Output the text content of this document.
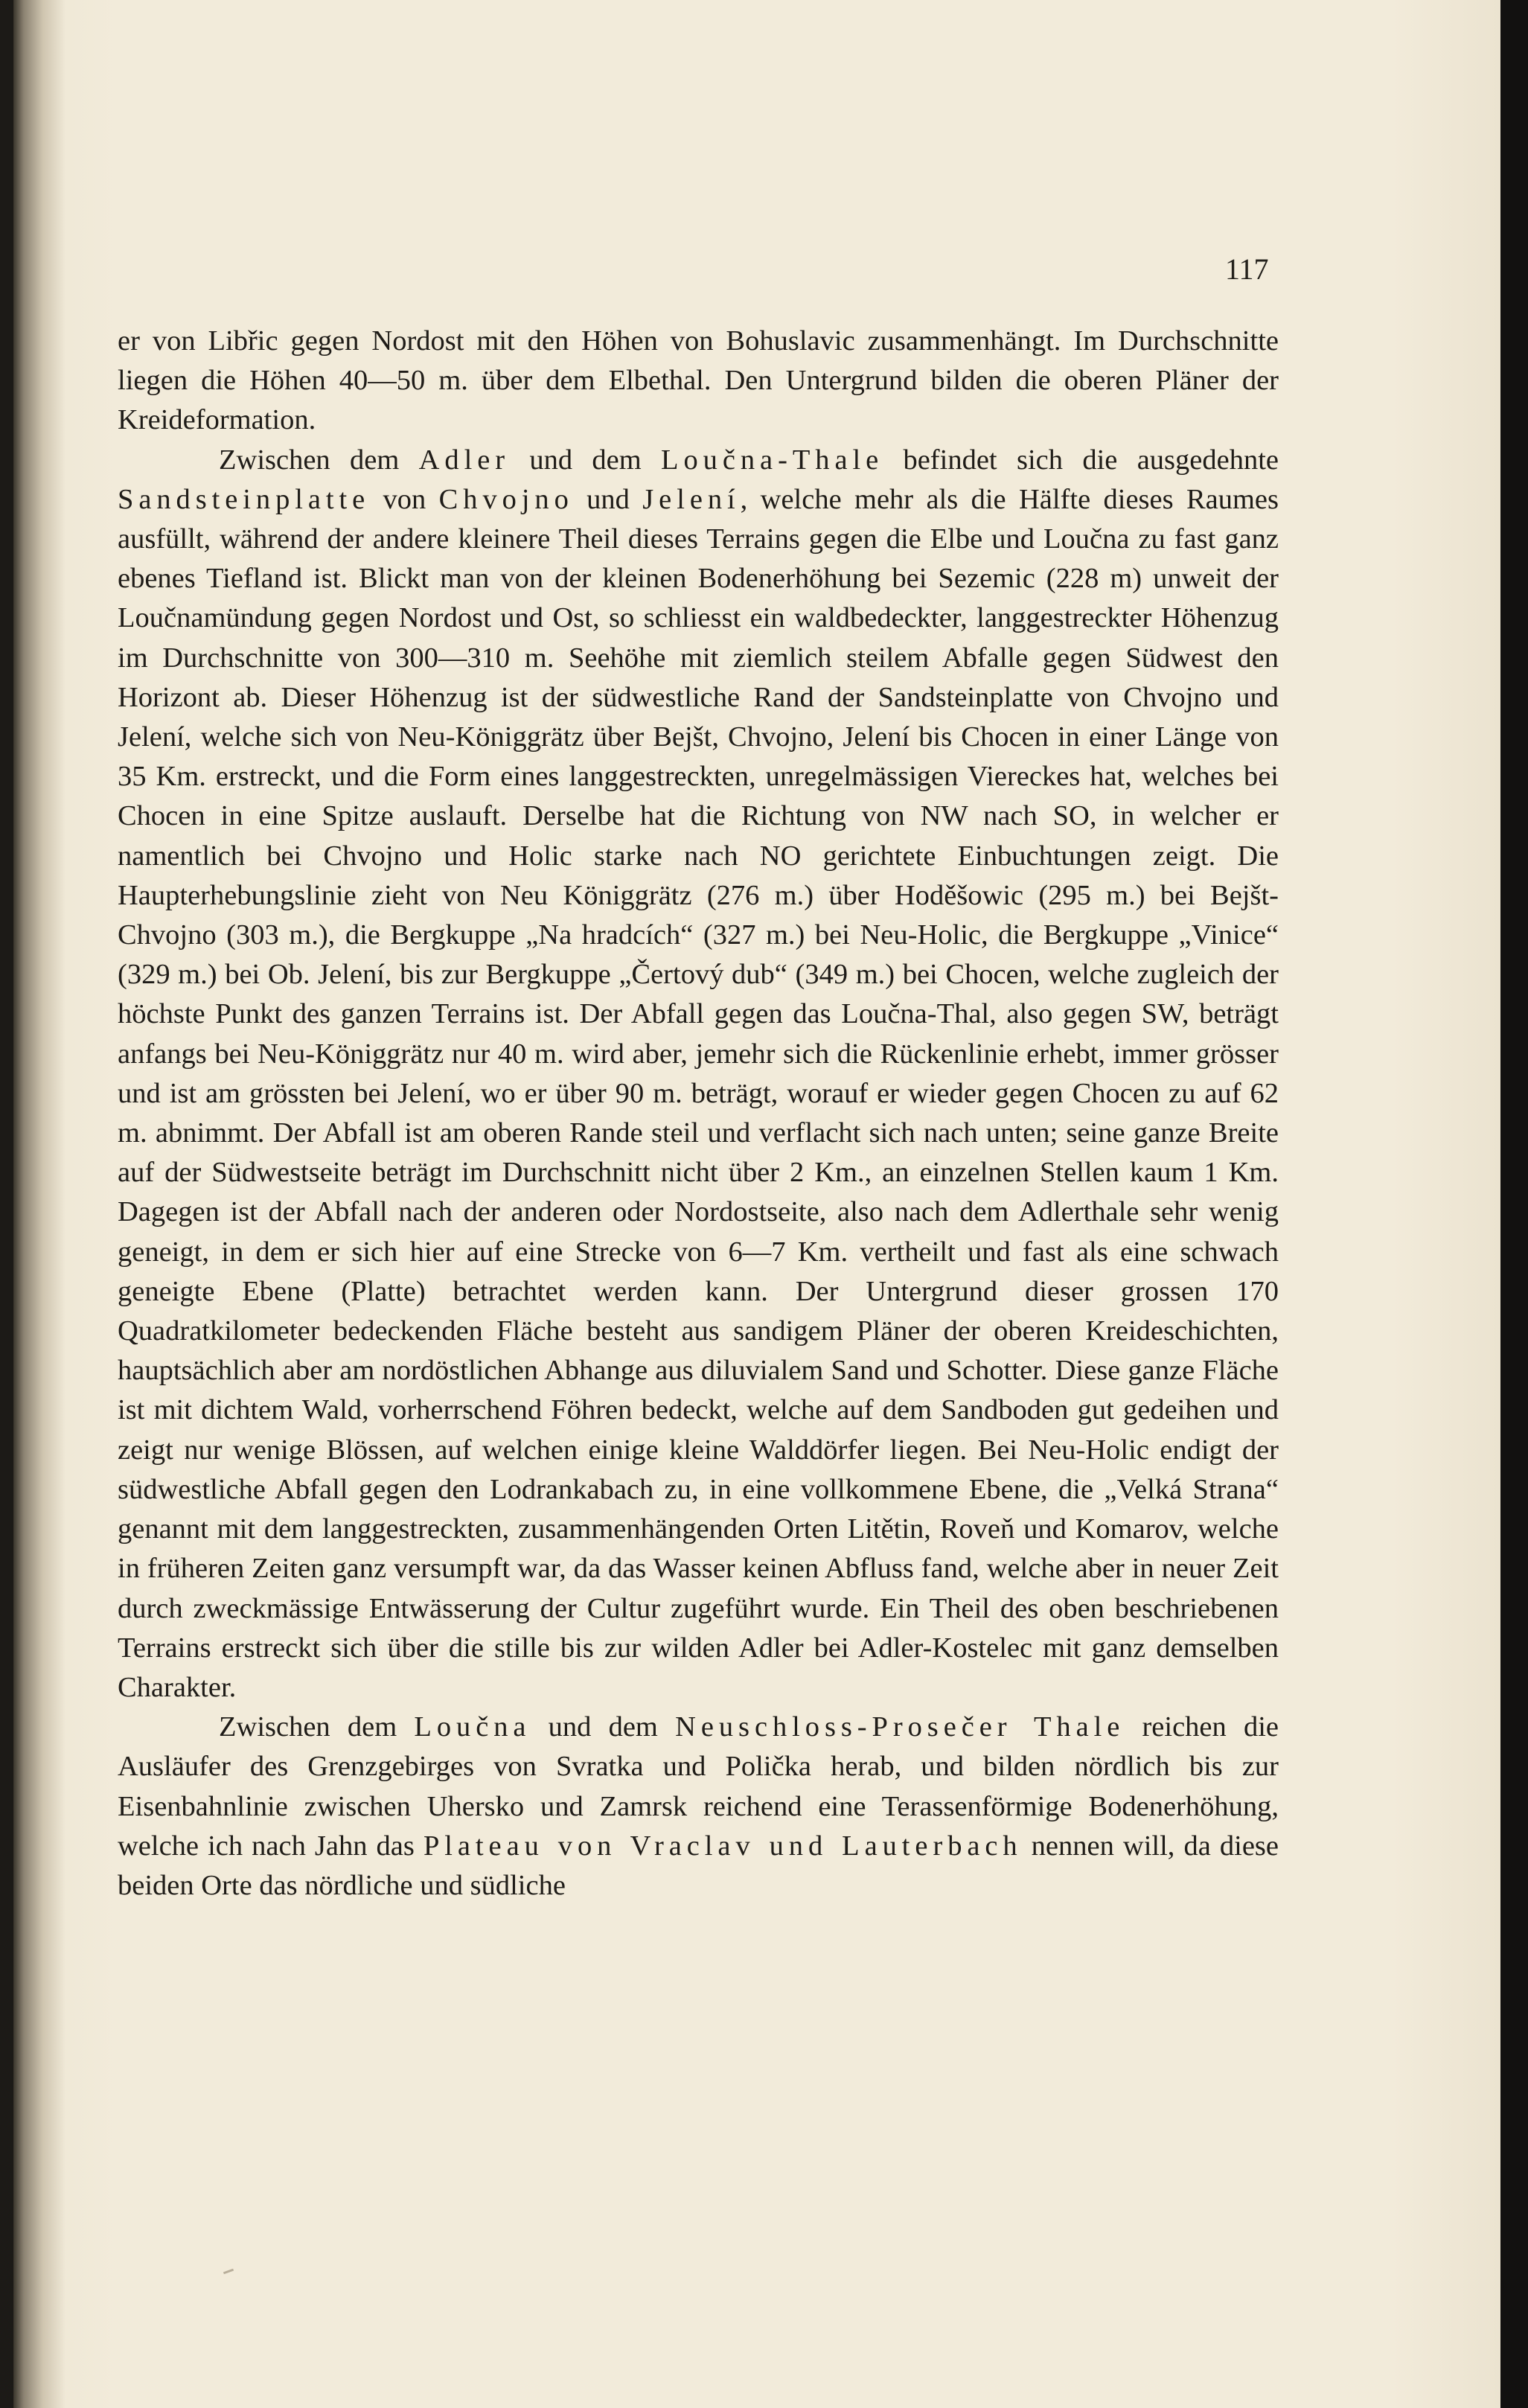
117

er von Libřic gegen Nordost mit den Höhen von Bohuslavic zusammenhängt. Im Durchschnitte liegen die Höhen 40—50 m. über dem Elbethal. Den Untergrund bilden die oberen Pläner der Kreideformation.

Zwischen dem Adler und dem Loučna-Thale befindet sich die ausgedehnte Sandsteinplatte von Chvojno und Jelení, welche mehr als die Hälfte dieses Raumes ausfüllt, während der andere kleinere Theil dieses Terrains gegen die Elbe und Loučna zu fast ganz ebenes Tiefland ist. Blickt man von der kleinen Bodenerhöhung bei Sezemic (228 m) unweit der Loučnamündung gegen Nordost und Ost, so schliesst ein waldbedeckter, langgestreckter Höhenzug im Durchschnitte von 300—310 m. Seehöhe mit ziemlich steilem Abfalle gegen Südwest den Horizont ab. Dieser Höhenzug ist der südwestliche Rand der Sandsteinplatte von Chvojno und Jelení, welche sich von Neu-Königgrätz über Bejšt, Chvojno, Jelení bis Chocen in einer Länge von 35 Km. erstreckt, und die Form eines langgestreckten, unregelmässigen Viereckes hat, welches bei Chocen in eine Spitze auslauft. Derselbe hat die Richtung von NW nach SO, in welcher er namentlich bei Chvojno und Holic starke nach NO gerichtete Einbuchtungen zeigt. Die Haupterhebungslinie zieht von Neu Königgrätz (276 m.) über Hoděšowic (295 m.) bei Bejšt-Chvojno (303 m.), die Bergkuppe „Na hradcích“ (327 m.) bei Neu-Holic, die Bergkuppe „Vinice“ (329 m.) bei Ob. Jelení, bis zur Bergkuppe „Čertový dub“ (349 m.) bei Chocen, welche zugleich der höchste Punkt des ganzen Terrains ist. Der Abfall gegen das Loučna-Thal, also gegen SW, beträgt anfangs bei Neu-Königgrätz nur 40 m. wird aber, jemehr sich die Rückenlinie erhebt, immer grösser und ist am grössten bei Jelení, wo er über 90 m. beträgt, worauf er wieder gegen Chocen zu auf 62 m. abnimmt. Der Abfall ist am oberen Rande steil und verflacht sich nach unten; seine ganze Breite auf der Südwestseite beträgt im Durchschnitt nicht über 2 Km., an einzelnen Stellen kaum 1 Km. Dagegen ist der Abfall nach der anderen oder Nordostseite, also nach dem Adlerthale sehr wenig geneigt, in dem er sich hier auf eine Strecke von 6—7 Km. vertheilt und fast als eine schwach geneigte Ebene (Platte) betrachtet werden kann. Der Untergrund dieser grossen 170 Quadratkilometer bedeckenden Fläche besteht aus sandigem Pläner der oberen Kreideschichten, hauptsächlich aber am nordöstlichen Abhange aus diluvialem Sand und Schotter. Diese ganze Fläche ist mit dichtem Wald, vorherrschend Föhren bedeckt, welche auf dem Sandboden gut gedeihen und zeigt nur wenige Blössen, auf welchen einige kleine Walddörfer liegen. Bei Neu-Holic endigt der südwestliche Abfall gegen den Lodrankabach zu, in eine vollkommene Ebene, die „Velká Strana“ genannt mit dem langgestreckten, zusammenhängenden Orten Litětin, Roveň und Komarov, welche in früheren Zeiten ganz versumpft war, da das Wasser keinen Abfluss fand, welche aber in neuer Zeit durch zweckmässige Entwässerung der Cultur zugeführt wurde. Ein Theil des oben beschriebenen Terrains erstreckt sich über die stille bis zur wilden Adler bei Adler-Kostelec mit ganz demselben Charakter.

Zwischen dem Loučna und dem Neuschloss-Prosečer Thale reichen die Ausläufer des Grenzgebirges von Svratka und Polička herab, und bilden nördlich bis zur Eisenbahnlinie zwischen Uhersko und Zamrsk reichend eine Terassenförmige Bodenerhöhung, welche ich nach Jahn das Plateau von Vraclav und Lauterbach nennen will, da diese beiden Orte das nördliche und südliche
